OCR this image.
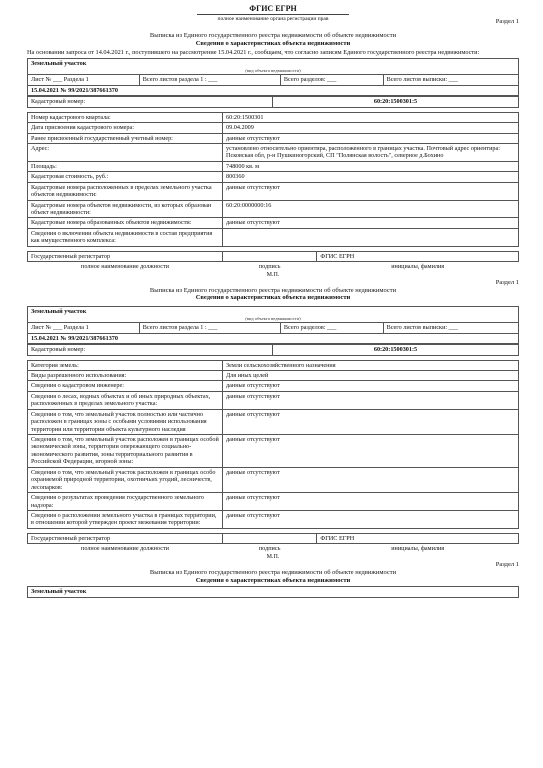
ФГИС ЕГРН
полное наименование органа регистрации прав	Раздел 1
Выписка из Единого государственного реестра недвижимости об объекте недвижимости
Сведения о характеристиках объекта недвижимости
На основании запроса от 14.04.2021 г., поступившего на рассмотрение 15.04.2021 г., сообщаем, что согласно записям Единого государственного реестра недвижимости:
Земельный участок
(вид объекта недвижимости)

Лист № ___ Раздела 1	Всего листов раздела 1 : ___	Всего разделов: ___	Всего листов выписки: ___
15.04.2021 № 99/2021/387661370
Кадастровый номер:	60:20:1500301:5
Номер кадастрового квартала:	60:20:1500301
Дата присвоения кадастрового номера:	09.04.2009
Ранее присвоенный государственный учетный номер:	данные отсутствуют
Адрес:	установлено относительно ориентира, расположенного в границах участка. Почтовый адрес ориентира: Псковская обл, р-н Пушкиногорский, СП "Полянская волость", северное д.Бохино
Площадь:	748000 кв. м
Кадастровая стоимость, руб.:	800360
Кадастровые номера расположенных в пределах земельного участка объектов недвижимости:	данные отсутствуют
Кадастровые номера объектов недвижимости, из которых образован объект недвижимости:	60:20:0000000:16
Кадастровые номера образованных объектов недвижимости:	данные отсутствуют
Сведения о включении объекта недвижимости в состав предприятия как имущественного комплекса:	
Государственный регистратор		ФГИС ЕГРН
полное наименование должности	подпись	инициалы, фамилия
М.П.
Раздел 1
Выписка из Единого государственного реестра недвижимости об объекте недвижимости
Сведения о характеристиках объекта недвижимости
Земельный участок
(вид объекта недвижимости)

Лист № ___ Раздела 1	Всего листов раздела 1 : ___	Всего разделов: ___	Всего листов выписки: ___
15.04.2021 № 99/2021/387661370
Кадастровый номер:	60:20:1500301:5
Категория земель:	Земли сельскохозяйственного назначения
Виды разрешенного использования:	Для иных целей
Сведения о кадастровом инженере:	данные отсутствуют
Сведения о лесах, водных объектах и об иных природных объектах, расположенных в пределах земельного участка:	данные отсутствуют
Сведения о том, что земельный участок полностью или частично расположен в границах зоны с особыми условиями использования территории или территории объекта культурного наследия	данные отсутствуют
Сведения о том, что земельный участок расположен в границах особой экономической зоны, территории опережающего социально-экономического развития, зоны территориального развития в Российской Федерации, игорной зоны:	данные отсутствуют
Сведения о том, что земельный участок расположен в границах особо охраняемой природной территории, охотничьих угодий, лесничеств, лесопарков:	данные отсутствуют
Сведения о результатах проведения государственного земельного надзора:	данные отсутствуют
Сведения о расположении земельного участка в границах территории, в отношении которой утвержден проект межевания территории:	данные отсутствуют
Государственный регистратор		ФГИС ЕГРН
полное наименование должности	подпись	инициалы, фамилия
М.П.
Раздел 1
Выписка из Единого государственного реестра недвижимости об объекте недвижимости
Сведения о характеристиках объекта недвижимости
Земельный участок
